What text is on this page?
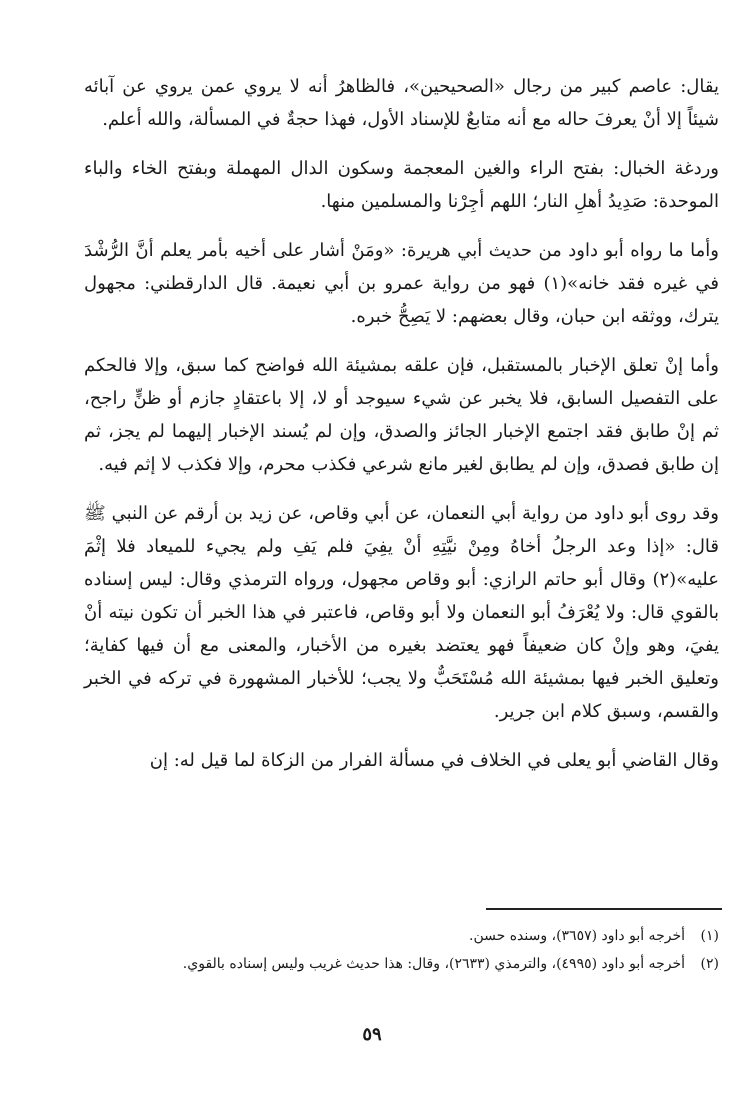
يقال: عاصم كبير من رجال «الصحيحين»، فالظاهرُ أنه لا يروي عمن يروي عن آبائه شيئاً إلا أنْ يعرفَ حاله مع أنه متابعٌ للإسناد الأول، فهذا حجةٌ في المسألة، والله أعلم.

وردغة الخبال: بفتح الراء والغين المعجمة وسكون الدال المهملة وبفتح الخاء والباء الموحدة: صَدِيدُ أهلِ النار؛ اللهم أجِرْنا والمسلمين منها.

وأما ما رواه أبو داود من حديث أبي هريرة: «ومَنْ أشار على أخيه بأمر يعلم أنَّ الرُّشْدَ في غيره فقد خانه»(١) فهو من رواية عمرو بن أبي نعيمة. قال الدارقطني: مجهول يترك، ووثقه ابن حبان، وقال بعضهم: لا يَصِحُّ خبره.

وأما إنْ تعلق الإخبار بالمستقبل، فإن علقه بمشيئة الله فواضح كما سبق، وإلا فالحكم على التفصيل السابق، فلا يخبر عن شيء سيوجد أو لا، إلا باعتقادٍ جازم أو ظنٍّ راجح، ثم إنْ طابق فقد اجتمع الإخبار الجائز والصدق، وإن لم يُسند الإخبار إليهما لم يجز، ثم إن طابق فصدق، وإن لم يطابق لغير مانع شرعي فكذب محرم، وإلا فكذب لا إثم فيه.

وقد روى أبو داود من رواية أبي النعمان، عن أبي وقاص، عن زيد بن أرقم عن النبي ﷺ قال: «إذا وعد الرجلُ أخاهُ ومِنْ نيَّتِهِ أنْ يفِيَ فلم يَفِ ولم يجيء للميعاد فلا إثْمَ عليه»(٢) وقال أبو حاتم الرازي: أبو وقاص مجهول، ورواه الترمذي وقال: ليس إسناده بالقوي قال: ولا يُعْرَفُ أبو النعمان ولا أبو وقاص، فاعتبر في هذا الخبر أن تكون نيته أنْ يفيَ، وهو وإنْ كان ضعيفاً فهو يعتضد بغيره من الأخبار، والمعنى مع أن فيها كفاية؛ وتعليق الخبر فيها بمشيئة الله مُسْتَحَبٌّ ولا يجب؛ للأخبار المشهورة في تركه في الخبر والقسم، وسبق كلام ابن جرير.

وقال القاضي أبو يعلى في الخلاف في مسألة الفرار من الزكاة لما قيل له: إن

(١)
أخرجه أبو داود (٣٦٥٧)، وسنده حسن.
(٢)
أخرجه أبو داود (٤٩٩٥)، والترمذي (٢٦٣٣)، وقال: هذا حديث غريب وليس إسناده بالقوي.
٥٩
